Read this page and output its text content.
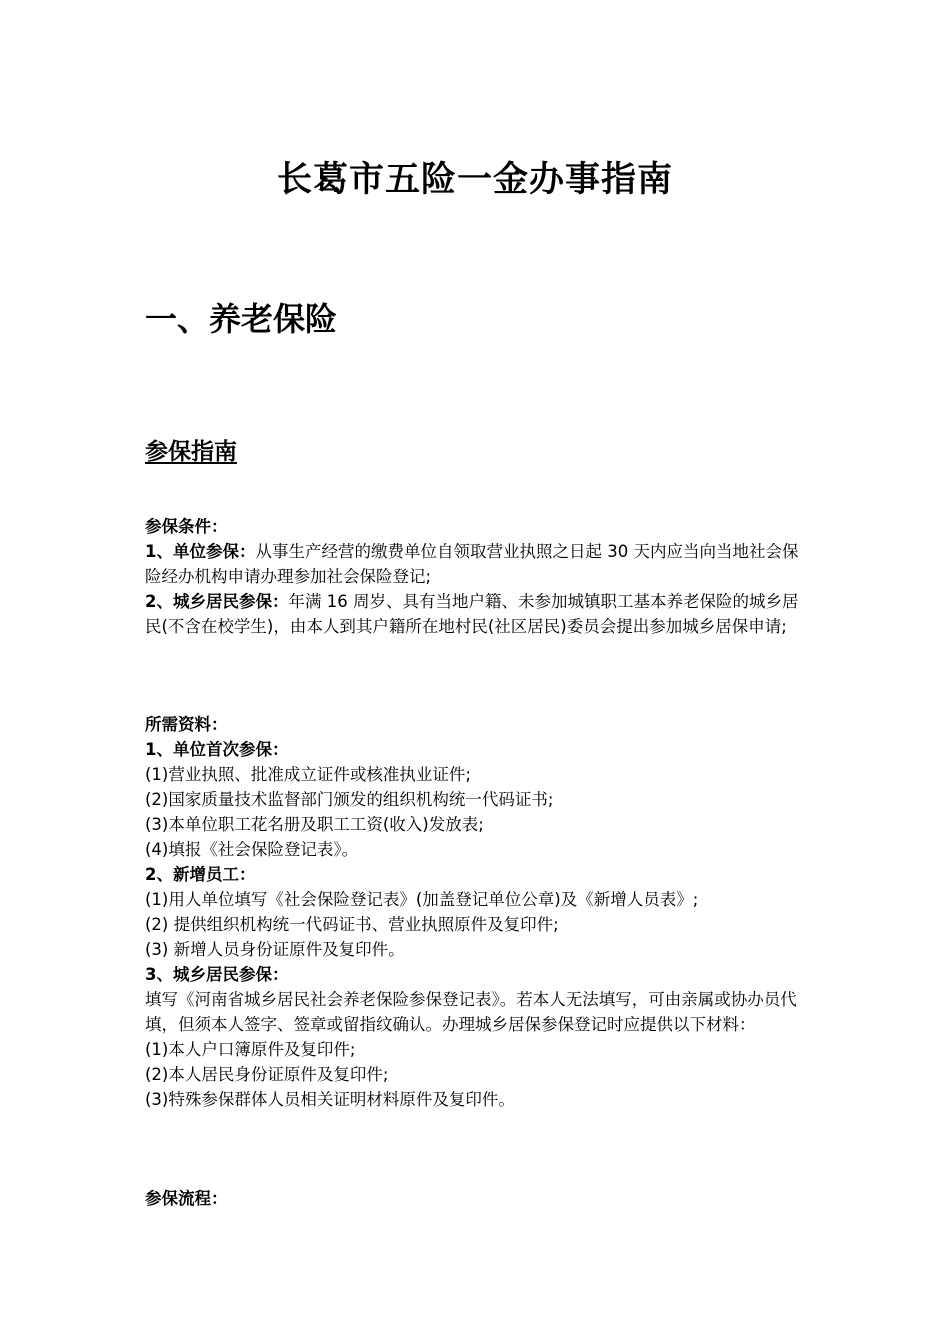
长葛市五险一金办事指南
一、养老保险
参保指南

参保条件：

1、单位参保：从事生产经营的缴费单位自领取营业执照之日起 30 天内应当向当地社会保险经办机构申请办理参加社会保险登记;

2、城乡居民参保：年满 16 周岁、具有当地户籍、未参加城镇职工基本养老保险的城乡居民(不含在校学生)，由本人到其户籍所在地村民(社区居民)委员会提出参加城乡居保申请;

所需资料：

1、单位首次参保：

(1)营业执照、批准成立证件或核准执业证件;

(2)国家质量技术监督部门颁发的组织机构统一代码证书;

(3)本单位职工花名册及职工工资(收入)发放表;

(4)填报《社会保险登记表》。

2、新增员工：

(1)用人单位填写《社会保险登记表》(加盖登记单位公章)及《新增人员表》;

(2) 提供组织机构统一代码证书、营业执照原件及复印件;

(3) 新增人员身份证原件及复印件。

3、城乡居民参保：

填写《河南省城乡居民社会养老保险参保登记表》。若本人无法填写，可由亲属或协办员代填，但须本人签字、签章或留指纹确认。办理城乡居保参保登记时应提供以下材料：

(1)本人户口簿原件及复印件;

(2)本人居民身份证原件及复印件;

(3)特殊参保群体人员相关证明材料原件及复印件。

参保流程：
